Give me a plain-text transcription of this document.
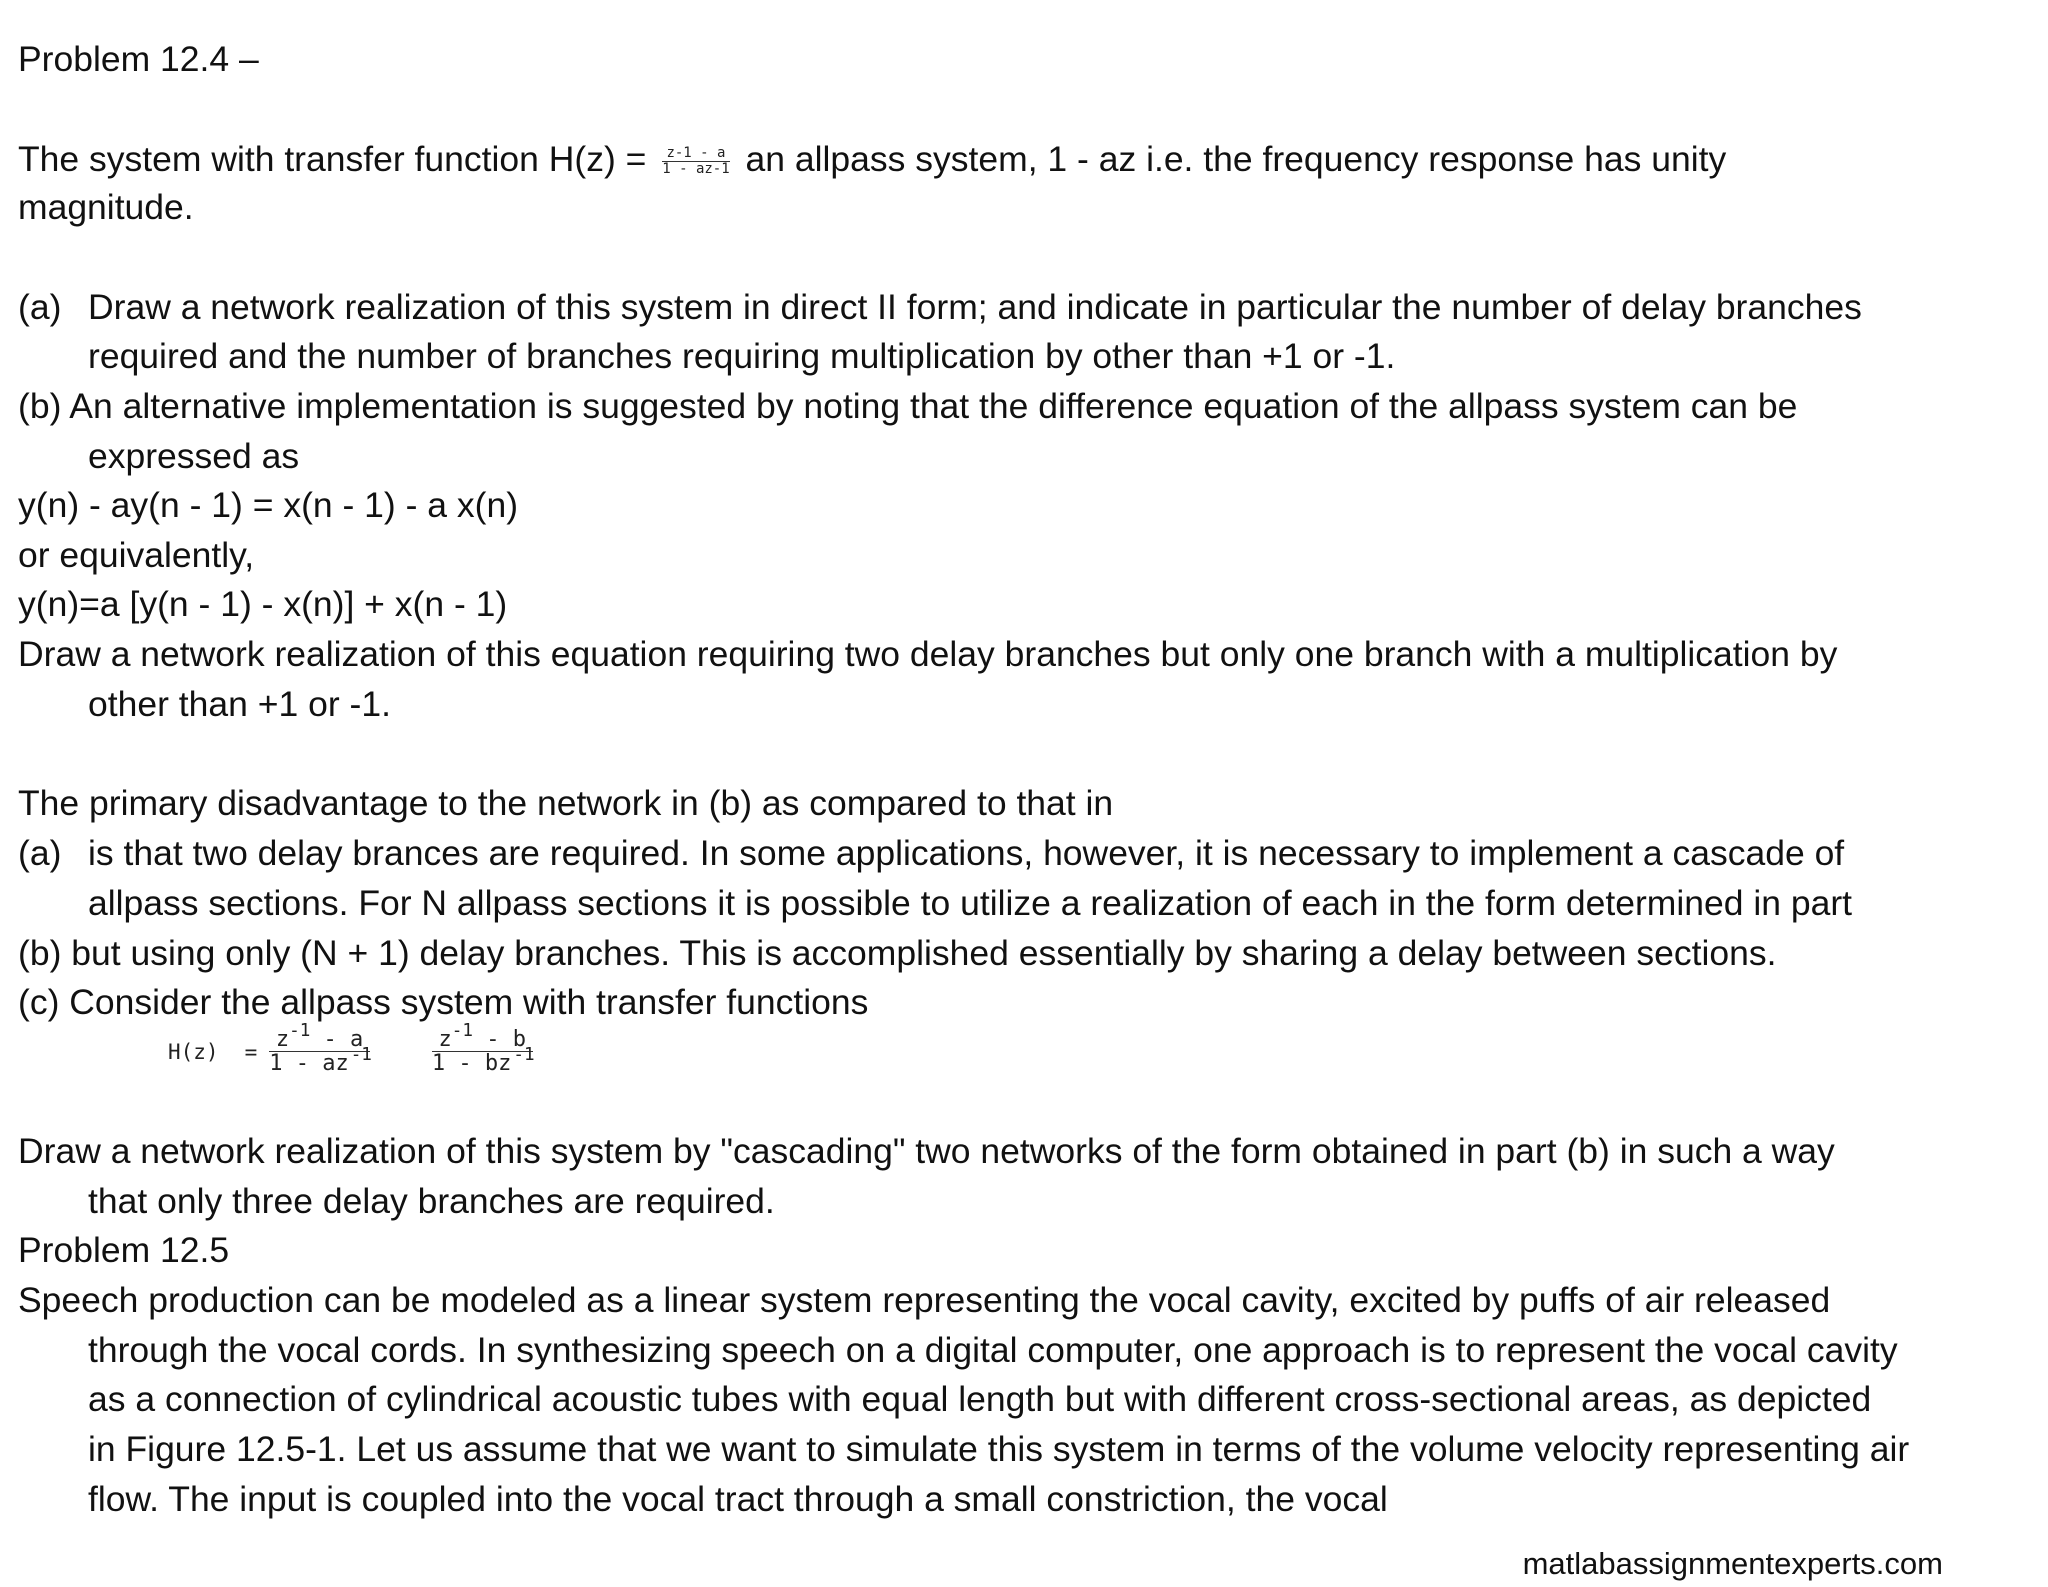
Problem 12.4 –
The system with transfer function $H(z) = \frac{z-1 - a}{1 - az-1}$ an allpass system, 1 - az i.e. the frequency response has unity
magnitude.
(a) Draw a network realization of this system in direct II form; and indicate in particular the number of delay branches
required and the number of branches requiring multiplication by other than +1 or -1.
(b) An alternative implementation is suggested by noting that the difference equation of the allpass system can be
expressed as
y(n) - ay(n - 1) = x(n - 1) - a x(n)
or equivalently,
y(n)=a [y(n - 1) - x(n)] + x(n - 1)
Draw a network realization of this equation requiring two delay branches but only one branch with a multiplication by
other than +1 or -1.
The primary disadvantage to the network in (b) as compared to that in
(a) is that two delay brances are required. In some applications, however, it is necessary to implement a cascade of
allpass sections. For N allpass sections it is possible to utilize a realization of each in the form determined in part
(b) but using only (N + 1) delay branches. This is accomplished essentially by sharing a delay between sections.
(c) Consider the allpass system with transfer functions
$H(z) = \frac{z^{-1} - a}{1 - az ^{-1}}$	$\frac{z^{-1} - b}{1 - bz ^{-1}}$
Draw a network realization of this system by "cascading" two networks of the form obtained in part (b) in such a way
that only three delay branches are required.
Problem 12.5
Speech production can be modeled as a linear system representing the vocal cavity, excited by puffs of air released
through the vocal cords. In synthesizing speech on a digital computer, one approach is to represent the vocal cavity
as a connection of cylindrical acoustic tubes with equal length but with different cross-sectional areas, as depicted
in Figure 12.5-1. Let us assume that we want to simulate this system in terms of the volume velocity representing air
flow. The input is coupled into the vocal tract through a small constriction, the vocal
matlabassignmentexperts.com
